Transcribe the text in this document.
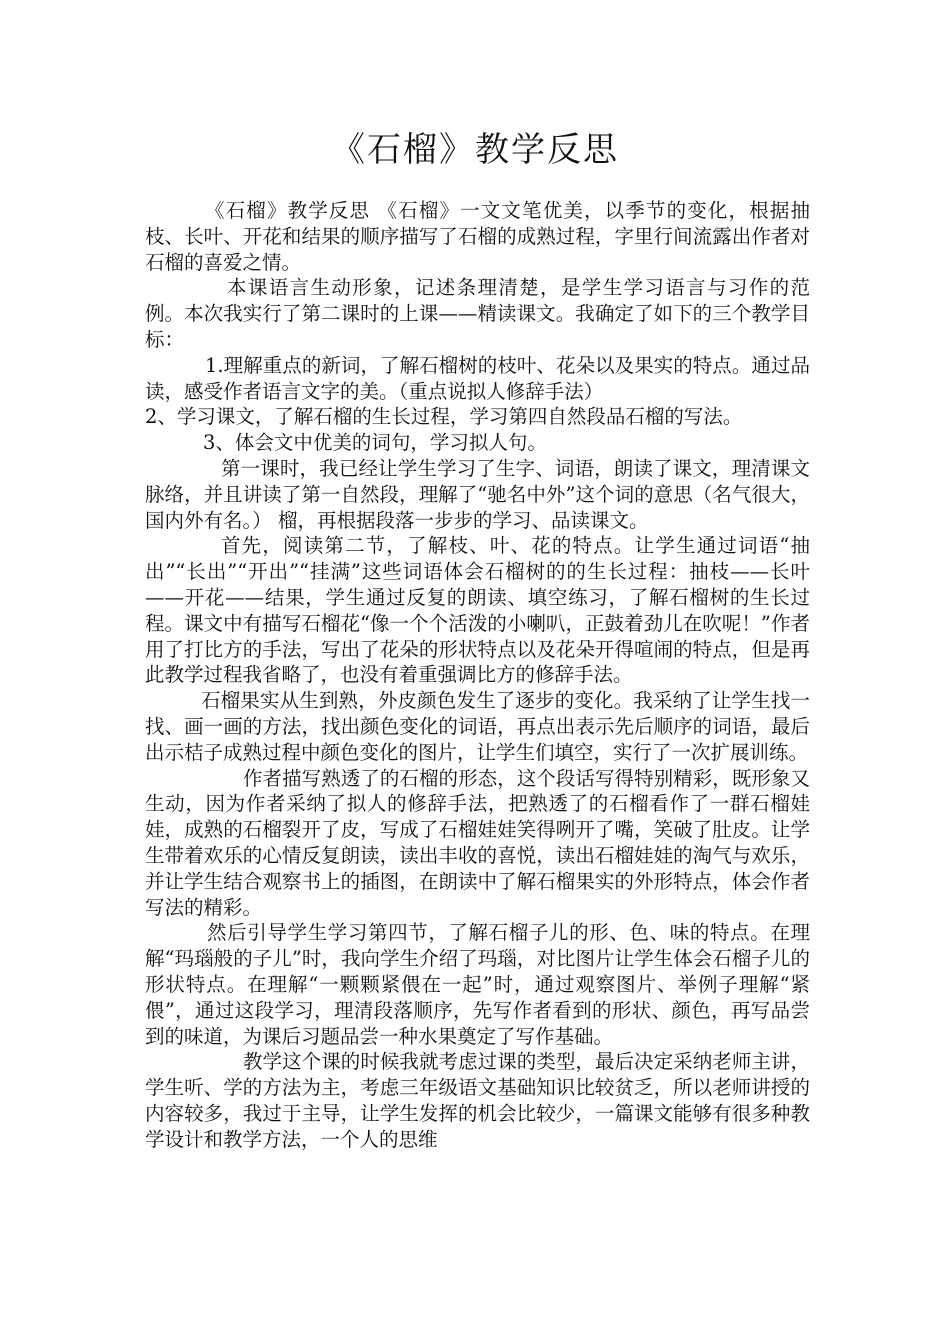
《石榴》教学反思

《石榴》教学反思 《石榴》一文文笔优美，以季节的变化，根据抽枝、长叶、开花和结果的顺序描写了石榴的成熟过程，字里行间流露出作者对石榴的喜爱之情。

本课语言生动形象，记述条理清楚，是学生学习语言与习作的范例。本次我实行了第二课时的上课——精读课文。我确定了如下的三个教学目标：

1.理解重点的新词，了解石榴树的枝叶、花朵以及果实的特点。通过品读，感受作者语言文字的美。（重点说拟人修辞手法）

2、学习课文，了解石榴的生长过程，学习第四自然段品石榴的写法。

3、体会文中优美的词句，学习拟人句。

第一课时，我已经让学生学习了生字、词语，朗读了课文，理清课文脉络，并且讲读了第一自然段，理解了“驰名中外”这个词的意思（名气很大，国内外有名。） 榴，再根据段落一步步的学习、品读课文。

首先，阅读第二节，了解枝、叶、花的特点。让学生通过词语“抽出”“长出”“开出”“挂满”这些词语体会石榴树的的生长过程：抽枝——长叶——开花——结果，学生通过反复的朗读、填空练习，了解石榴树的生长过程。课文中有描写石榴花“像一个个活泼的小喇叭，正鼓着劲儿在吹呢！”作者用了打比方的手法，写出了花朵的形状特点以及花朵开得喧闹的特点，但是再此教学过程我省略了，也没有着重强调比方的修辞手法。

石榴果实从生到熟，外皮颜色发生了逐步的变化。我采纳了让学生找一找、画一画的方法，找出颜色变化的词语，再点出表示先后顺序的词语，最后出示桔子成熟过程中颜色变化的图片，让学生们填空，实行了一次扩展训练。

作者描写熟透了的石榴的形态，这个段话写得特别精彩，既形象又生动，因为作者采纳了拟人的修辞手法，把熟透了的石榴看作了一群石榴娃娃，成熟的石榴裂开了皮，写成了石榴娃娃笑得咧开了嘴，笑破了肚皮。让学生带着欢乐的心情反复朗读，读出丰收的喜悦，读出石榴娃娃的淘气与欢乐，并让学生结合观察书上的插图，在朗读中了解石榴果实的外形特点，体会作者写法的精彩。

然后引导学生学习第四节，了解石榴子儿的形、色、味的特点。在理解“玛瑙般的子儿”时，我向学生介绍了玛瑙，对比图片让学生体会石榴子儿的形状特点。在理解“一颗颗紧偎在一起”时，通过观察图片、举例子理解“紧偎”，通过这段学习，理清段落顺序，先写作者看到的形状、颜色，再写品尝到的味道，为课后习题品尝一种水果奠定了写作基础。

教学这个课的时候我就考虑过课的类型，最后决定采纳老师主讲，学生听、学的方法为主，考虑三年级语文基础知识比较贫乏，所以老师讲授的内容较多，我过于主导，让学生发挥的机会比较少，一篇课文能够有很多种教学设计和教学方法，一个人的思维
